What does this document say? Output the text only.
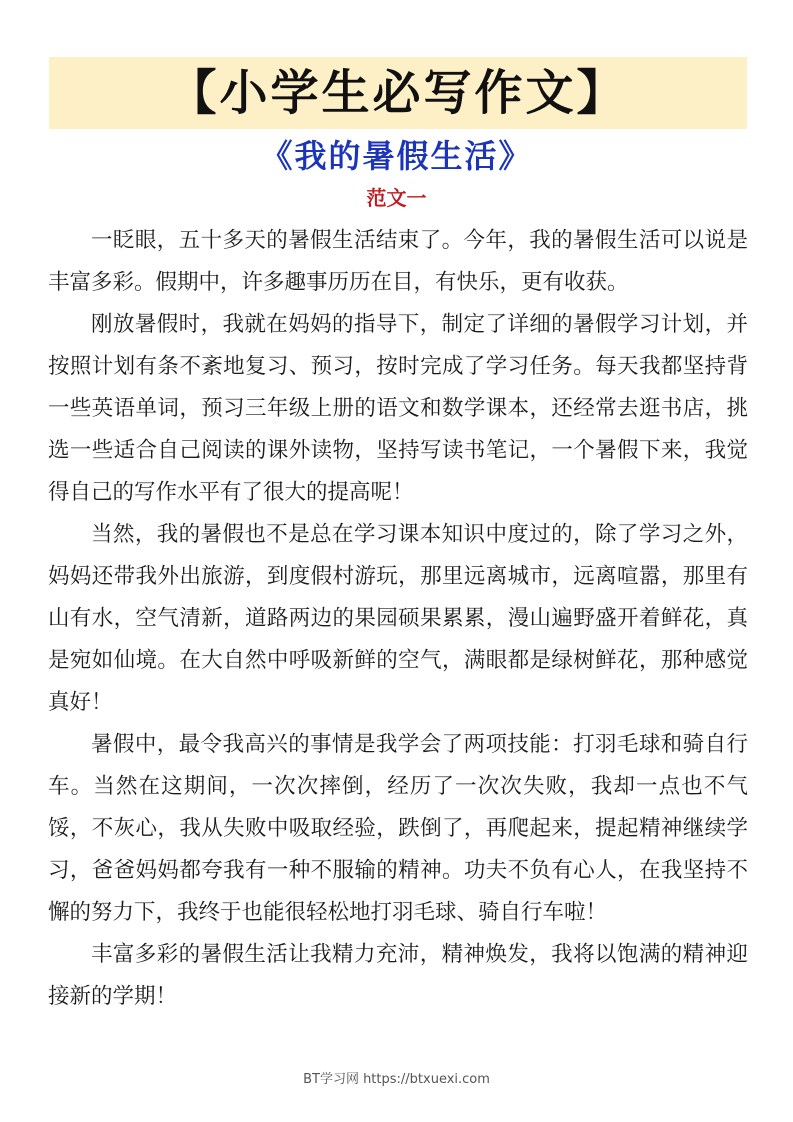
【小学生必写作文】
《我的暑假生活》
范文一

一眨眼，五十多天的暑假生活结束了。今年，我的暑假生活可以说是丰富多彩。假期中，许多趣事历历在目，有快乐，更有收获。

刚放暑假时，我就在妈妈的指导下，制定了详细的暑假学习计划，并按照计划有条不紊地复习、预习，按时完成了学习任务。每天我都坚持背一些英语单词，预习三年级上册的语文和数学课本，还经常去逛书店，挑选一些适合自己阅读的课外读物，坚持写读书笔记，一个暑假下来，我觉得自己的写作水平有了很大的提高呢！

当然，我的暑假也不是总在学习课本知识中度过的，除了学习之外，妈妈还带我外出旅游，到度假村游玩，那里远离城市，远离喧嚣，那里有山有水，空气清新，道路两边的果园硕果累累，漫山遍野盛开着鲜花，真是宛如仙境。在大自然中呼吸新鲜的空气，满眼都是绿树鲜花，那种感觉真好！

暑假中，最令我高兴的事情是我学会了两项技能：打羽毛球和骑自行车。当然在这期间，一次次摔倒，经历了一次次失败，我却一点也不气馁，不灰心，我从失败中吸取经验，跌倒了，再爬起来，提起精神继续学习，爸爸妈妈都夸我有一种不服输的精神。功夫不负有心人，在我坚持不懈的努力下，我终于也能很轻松地打羽毛球、骑自行车啦！

丰富多彩的暑假生活让我精力充沛，精神焕发，我将以饱满的精神迎接新的学期！

BT学习网 https://btxuexi.com
